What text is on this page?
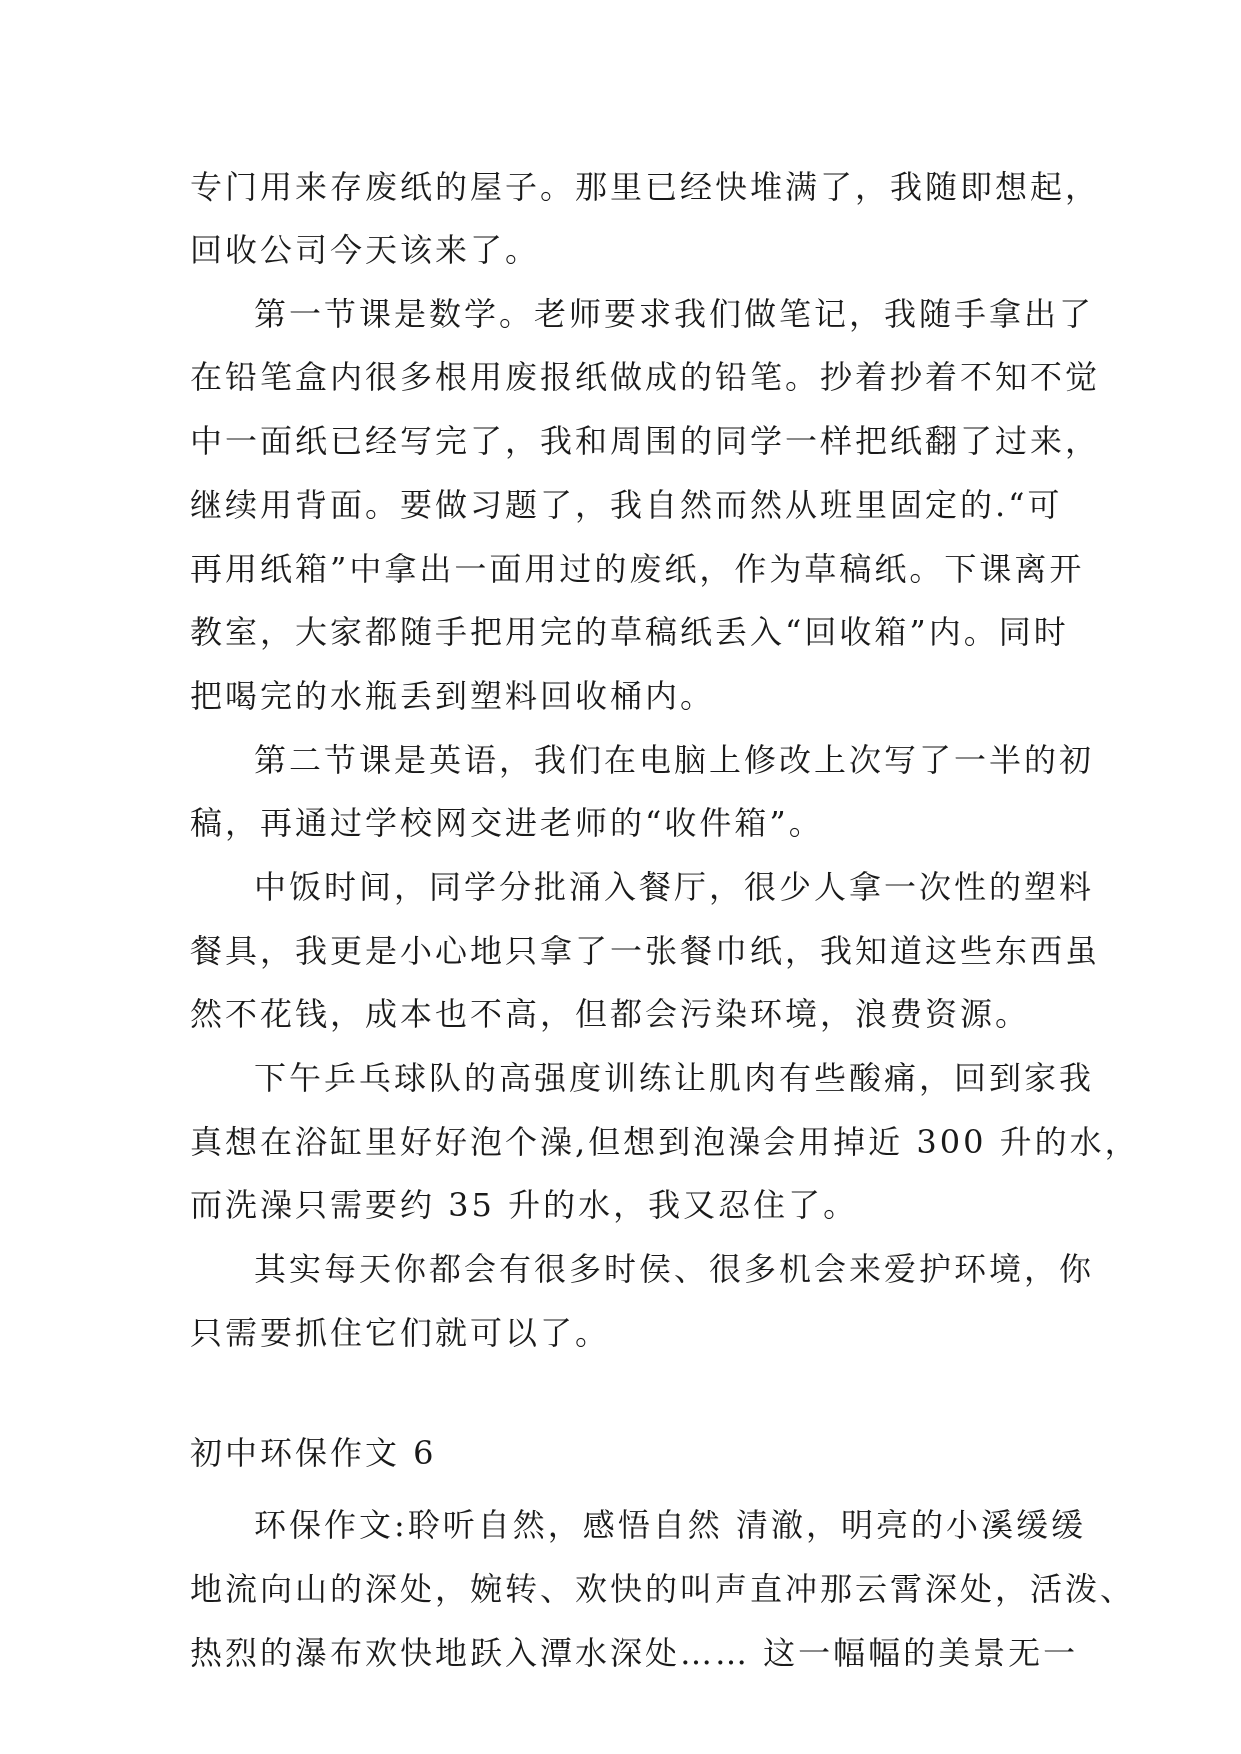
专门用来存废纸的屋子。那里已经快堆满了，我随即想起，
回收公司今天该来了。
第一节课是数学。老师要求我们做笔记，我随手拿出了
在铅笔盒内很多根用废报纸做成的铅笔。抄着抄着不知不觉
中一面纸已经写完了，我和周围的同学一样把纸翻了过来，
继续用背面。要做习题了，我自然而然从班里固定的.“可
再用纸箱”中拿出一面用过的废纸，作为草稿纸。下课离开
教室，大家都随手把用完的草稿纸丢入“回收箱”内。同时
把喝完的水瓶丢到塑料回收桶内。
第二节课是英语，我们在电脑上修改上次写了一半的初
稿，再通过学校网交进老师的“收件箱”。
中饭时间，同学分批涌入餐厅，很少人拿一次性的塑料
餐具，我更是小心地只拿了一张餐巾纸，我知道这些东西虽
然不花钱，成本也不高，但都会污染环境，浪费资源。
下午乒乓球队的高强度训练让肌肉有些酸痛，回到家我
真想在浴缸里好好泡个澡,但想到泡澡会用掉近 300 升的水，
而洗澡只需要约 35 升的水，我又忍住了。
其实每天你都会有很多时侯、很多机会来爱护环境，你
只需要抓住它们就可以了。
初中环保作文 6
环保作文:聆听自然，感悟自然 清澈，明亮的小溪缓缓
地流向山的深处，婉转、欢快的叫声直冲那云霄深处，活泼、
热烈的瀑布欢快地跃入潭水深处…… 这一幅幅的美景无一
